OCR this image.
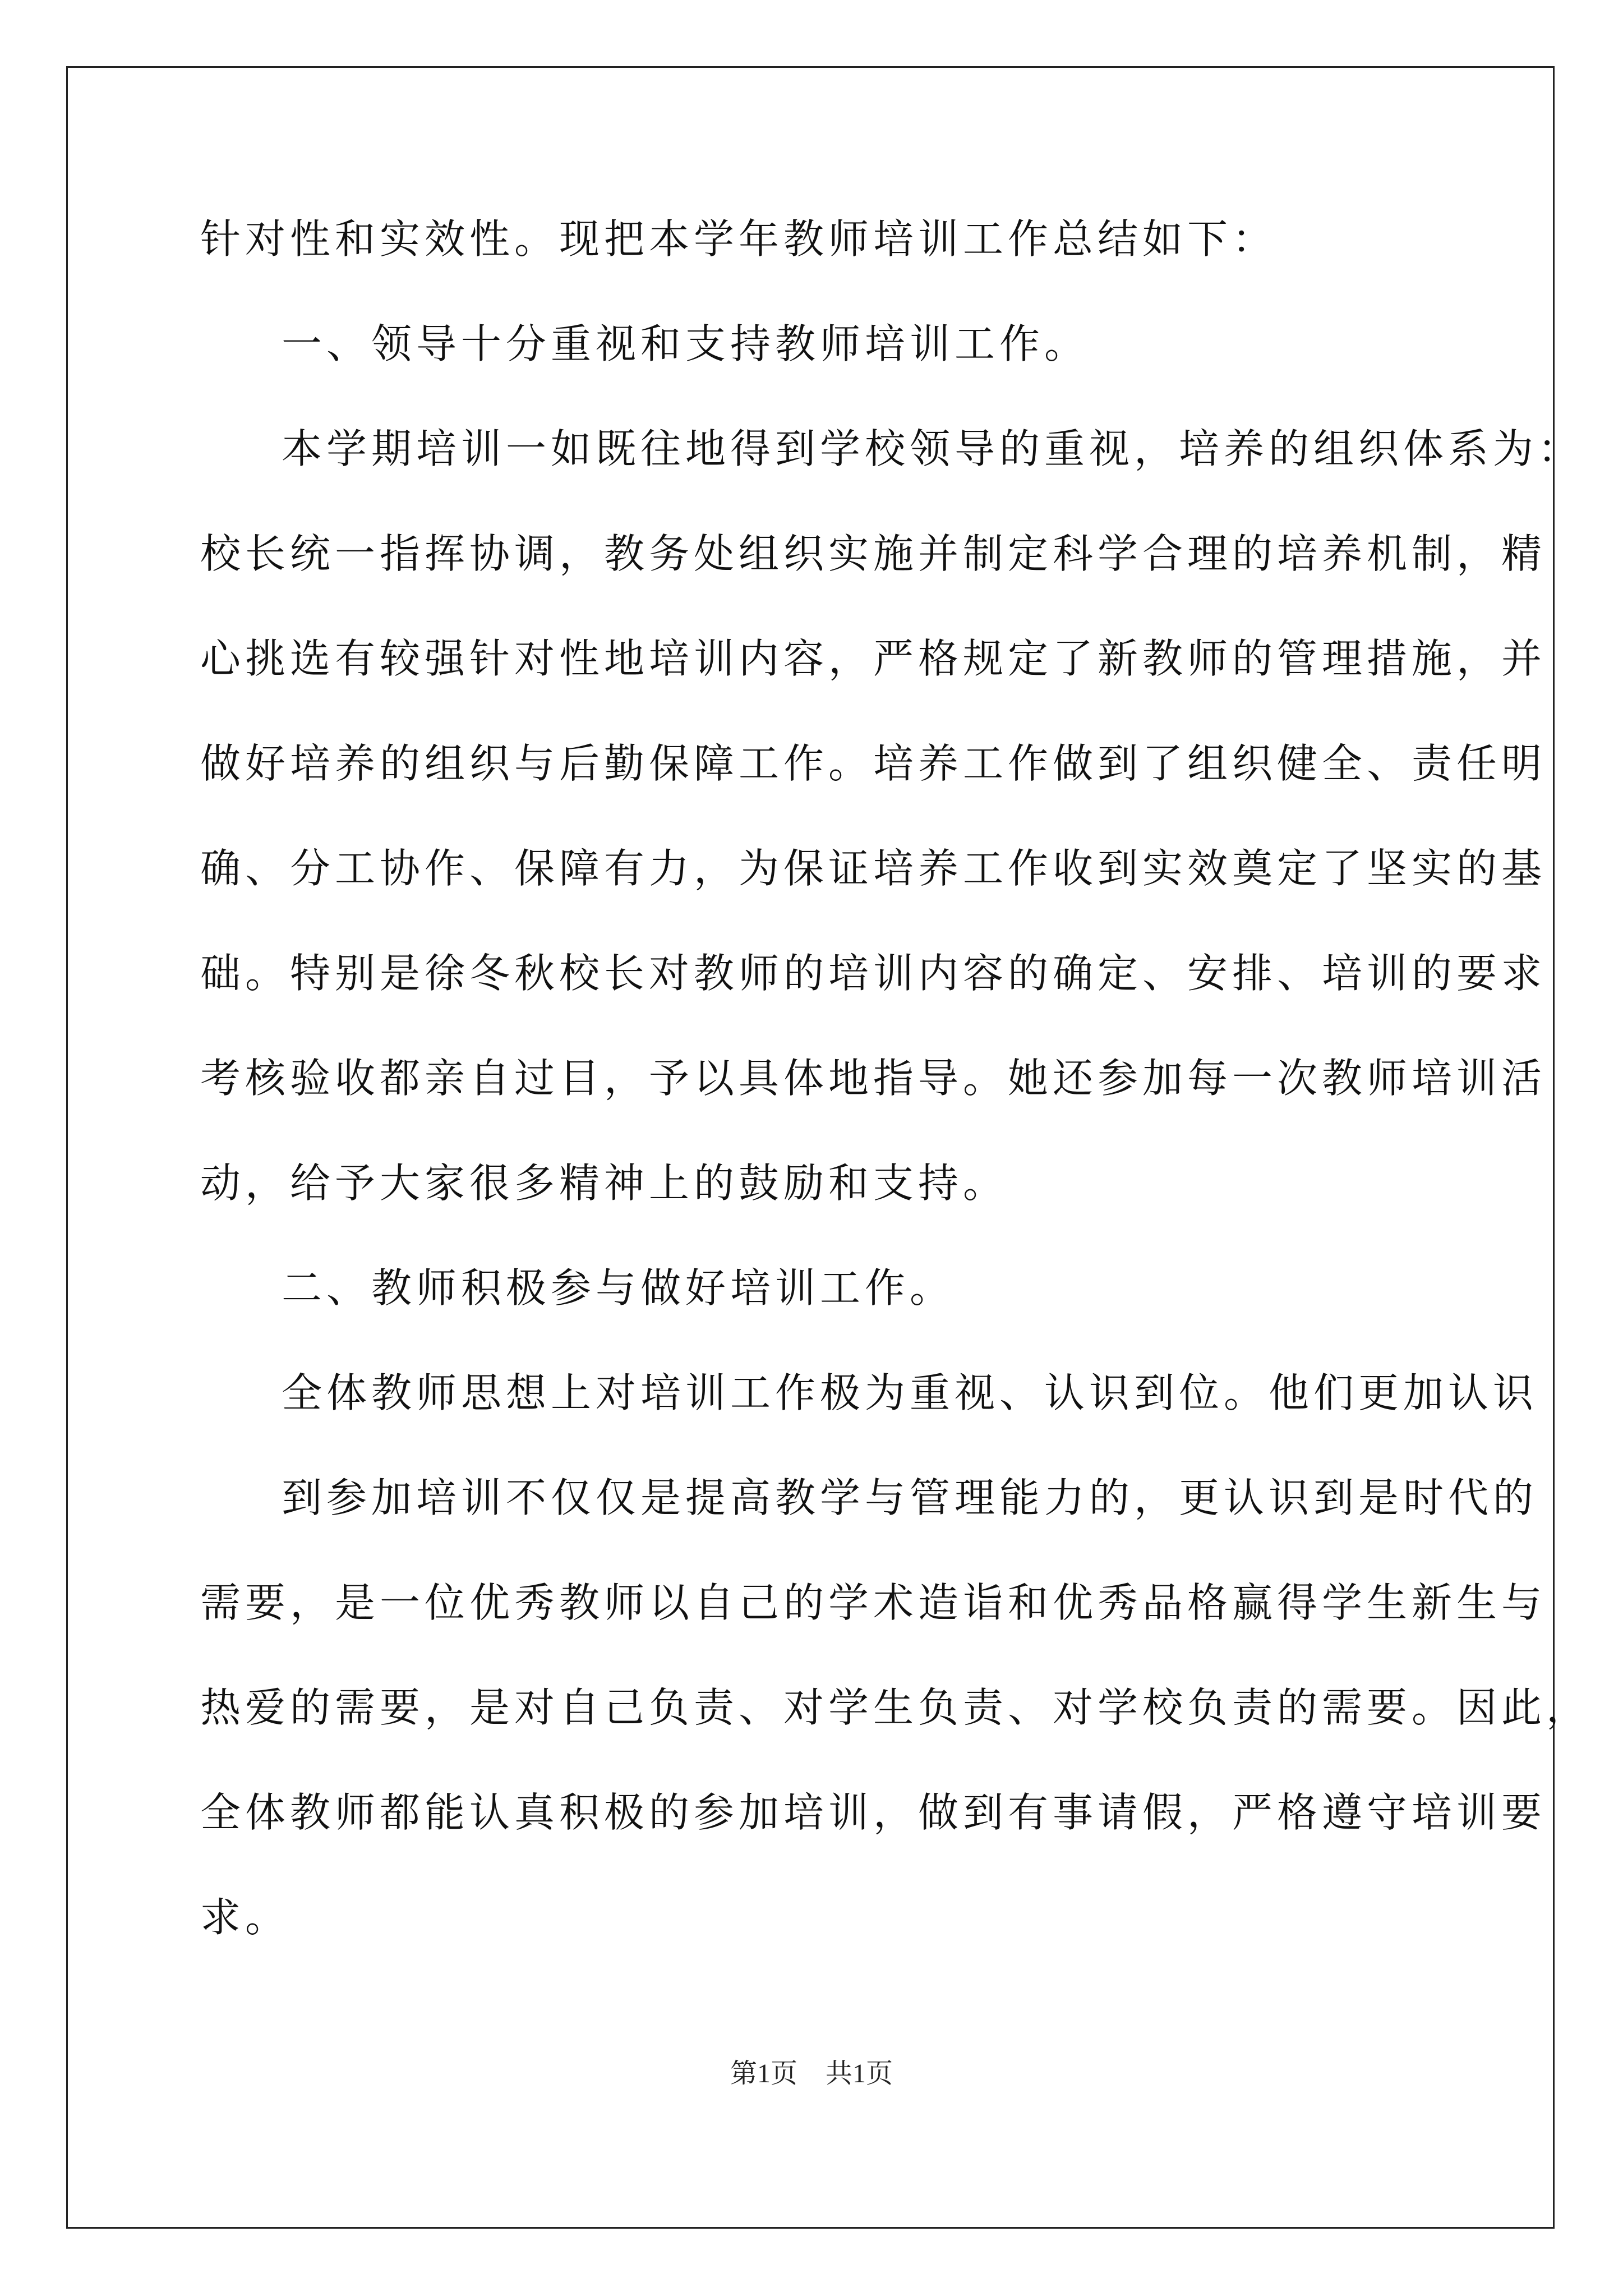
针对性和实效性。现把本学年教师培训工作总结如下：
一、领导十分重视和支持教师培训工作。
本学期培训一如既往地得到学校领导的重视，培养的组织体系为：
校长统一指挥协调，教务处组织实施并制定科学合理的培养机制，精
心挑选有较强针对性地培训内容，严格规定了新教师的管理措施，并
做好培养的组织与后勤保障工作。培养工作做到了组织健全、责任明
确、分工协作、保障有力，为保证培养工作收到实效奠定了坚实的基
础。特别是徐冬秋校长对教师的培训内容的确定、安排、培训的要求
考核验收都亲自过目，予以具体地指导。她还参加每一次教师培训活
动，给予大家很多精神上的鼓励和支持。
二、教师积极参与做好培训工作。
全体教师思想上对培训工作极为重视、认识到位。他们更加认识
到参加培训不仅仅是提高教学与管理能力的，更认识到是时代的
需要，是一位优秀教师以自己的学术造诣和优秀品格赢得学生新生与
热爱的需要，是对自己负责、对学生负责、对学校负责的需要。因此，
全体教师都能认真积极的参加培训，做到有事请假，严格遵守培训要
求。
第1页 共1页
